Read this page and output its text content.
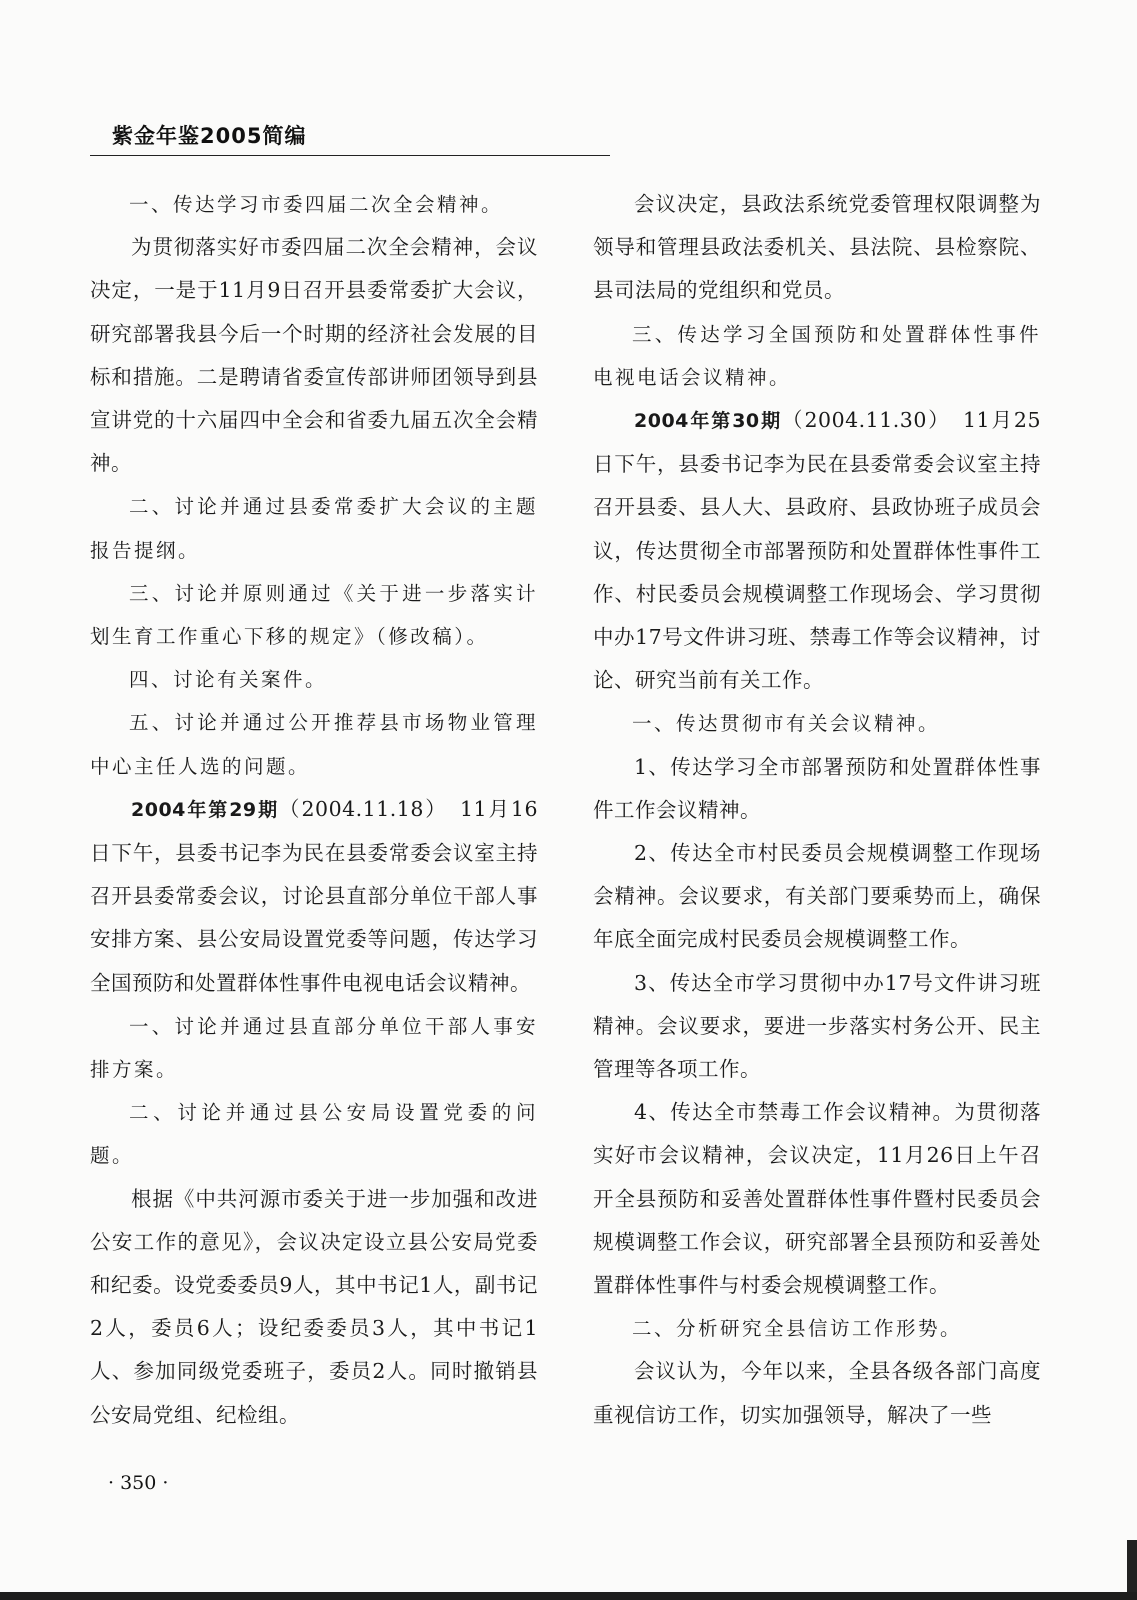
紫金年鉴2005简编

一、传达学习市委四届二次全会精神。

为贯彻落实好市委四届二次全会精神，会议决定，一是于11月9日召开县委常委扩大会议，研究部署我县今后一个时期的经济社会发展的目标和措施。二是聘请省委宣传部讲师团领导到县宣讲党的十六届四中全会和省委九届五次全会精神。

二、讨论并通过县委常委扩大会议的主题报告提纲。

三、讨论并原则通过《关于进一步落实计划生育工作重心下移的规定》（修改稿）。

四、讨论有关案件。

五、讨论并通过公开推荐县市场物业管理中心主任人选的问题。

2004年第29期（2004.11.18）　11月16日下午，县委书记李为民在县委常委会议室主持召开县委常委会议，讨论县直部分单位干部人事安排方案、县公安局设置党委等问题，传达学习全国预防和处置群体性事件电视电话会议精神。

一、讨论并通过县直部分单位干部人事安排方案。

二、讨论并通过县公安局设置党委的问题。

根据《中共河源市委关于进一步加强和改进公安工作的意见》，会议决定设立县公安局党委和纪委。设党委委员9人，其中书记1人，副书记2人，委员6人；设纪委委员3人，其中书记1人、参加同级党委班子，委员2人。同时撤销县公安局党组、纪检组。

会议决定，县政法系统党委管理权限调整为领导和管理县政法委机关、县法院、县检察院、县司法局的党组织和党员。

三、传达学习全国预防和处置群体性事件电视电话会议精神。

2004年第30期（2004.11.30）　11月25日下午，县委书记李为民在县委常委会议室主持召开县委、县人大、县政府、县政协班子成员会议，传达贯彻全市部署预防和处置群体性事件工作、村民委员会规模调整工作现场会、学习贯彻中办17号文件讲习班、禁毒工作等会议精神，讨论、研究当前有关工作。

一、传达贯彻市有关会议精神。

1、传达学习全市部署预防和处置群体性事件工作会议精神。

2、传达全市村民委员会规模调整工作现场会精神。会议要求，有关部门要乘势而上，确保年底全面完成村民委员会规模调整工作。

3、传达全市学习贯彻中办17号文件讲习班精神。会议要求，要进一步落实村务公开、民主管理等各项工作。

4、传达全市禁毒工作会议精神。为贯彻落实好市会议精神，会议决定，11月26日上午召开全县预防和妥善处置群体性事件暨村民委员会规模调整工作会议，研究部署全县预防和妥善处置群体性事件与村委会规模调整工作。

二、分析研究全县信访工作形势。

会议认为，今年以来，全县各级各部门高度重视信访工作，切实加强领导，解决了一些

· 350 ·
